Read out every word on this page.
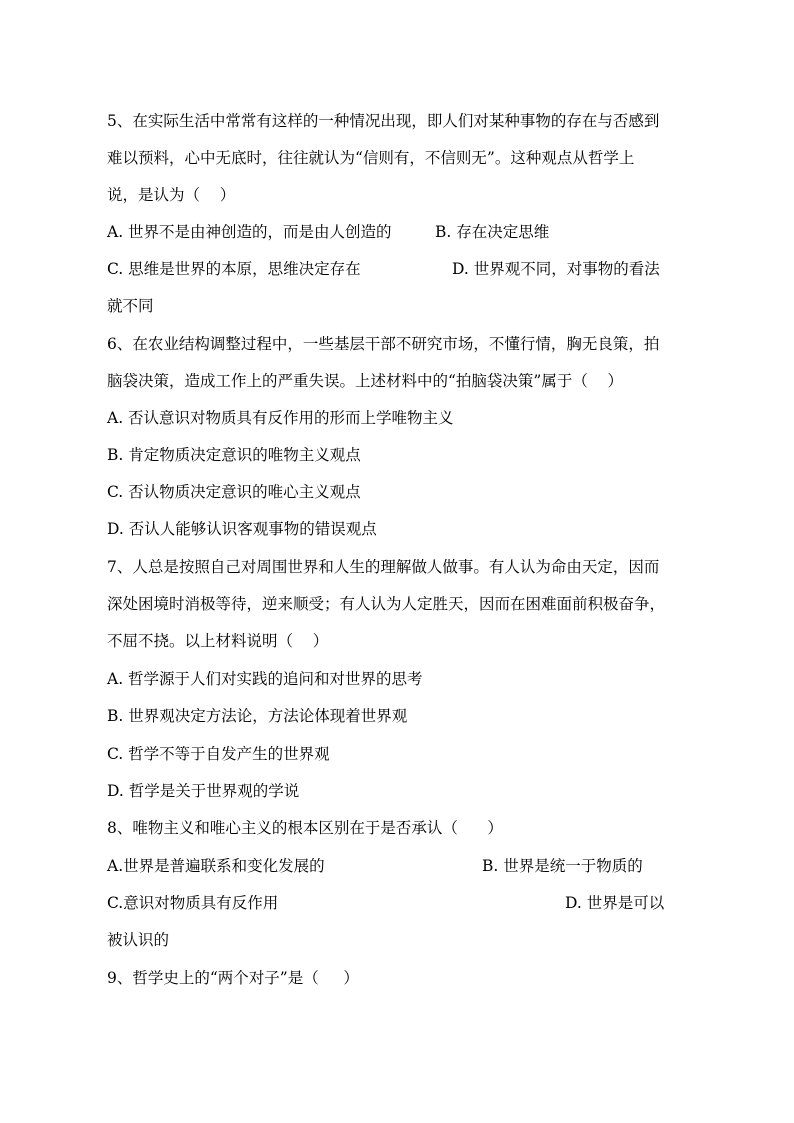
5、在实际生活中常常有这样的一种情况出现，即人们对某种事物的存在与否感到
难以预料，心中无底时，往往就认为“信则有，不信则无”。这种观点从哲学上
说，是认为（    ）
A. 世界不是由神创造的，而是由人创造的	B. 存在决定思维
C. 思维是世界的本原，思维决定存在	D. 世界观不同，对事物的看法
就不同
6、在农业结构调整过程中，一些基层干部不研究市场，不懂行情，胸无良策，拍
脑袋决策，造成工作上的严重失误。上述材料中的“拍脑袋决策”属于（    ）
A. 否认意识对物质具有反作用的形而上学唯物主义
B. 肯定物质决定意识的唯物主义观点
C. 否认物质决定意识的唯心主义观点
D. 否认人能够认识客观事物的错误观点
7、人总是按照自己对周围世界和人生的理解做人做事。有人认为命由天定，因而
深处困境时消极等待，逆来顺受；有人认为人定胜天，因而在困难面前积极奋争，
不屈不挠。以上材料说明（    ）
A. 哲学源于人们对实践的追问和对世界的思考
B. 世界观决定方法论，方法论体现着世界观
C. 哲学不等于自发产生的世界观
D. 哲学是关于世界观的学说
8、唯物主义和唯心主义的根本区别在于是否承认（      ）
A.世界是普遍联系和变化发展的	B. 世界是统一于物质的
C.意识对物质具有反作用	D. 世界是可以
被认识的
9、哲学史上的“两个对子”是（     ）
